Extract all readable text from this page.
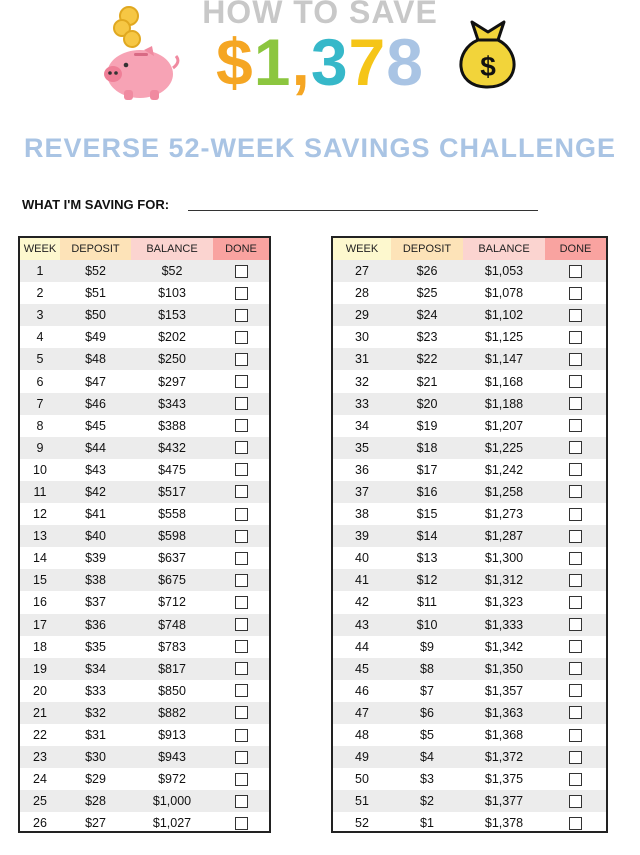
HOW TO SAVE
$1,378	$
REVERSE 52-WEEK SAVINGS CHALLENGE
WHAT I'M SAVING FOR:
WEEK	DEPOSIT	BALANCE	DONE
1	$52	$52
2	$51	$103
3	$50	$153
4	$49	$202
5	$48	$250
6	$47	$297
7	$46	$343
8	$45	$388
9	$44	$432
10	$43	$475
11	$42	$517
12	$41	$558
13	$40	$598
14	$39	$637
15	$38	$675
16	$37	$712
17	$36	$748
18	$35	$783
19	$34	$817
20	$33	$850
21	$32	$882
22	$31	$913
23	$30	$943
24	$29	$972
25	$28	$1,000
26	$27	$1,027
WEEK	DEPOSIT	BALANCE	DONE
27	$26	$1,053
28	$25	$1,078
29	$24	$1,102
30	$23	$1,125
31	$22	$1,147
32	$21	$1,168
33	$20	$1,188
34	$19	$1,207
35	$18	$1,225
36	$17	$1,242
37	$16	$1,258
38	$15	$1,273
39	$14	$1,287
40	$13	$1,300
41	$12	$1,312
42	$11	$1,323
43	$10	$1,333
44	$9	$1,342
45	$8	$1,350
46	$7	$1,357
47	$6	$1,363
48	$5	$1,368
49	$4	$1,372
50	$3	$1,375
51	$2	$1,377
52	$1	$1,378
